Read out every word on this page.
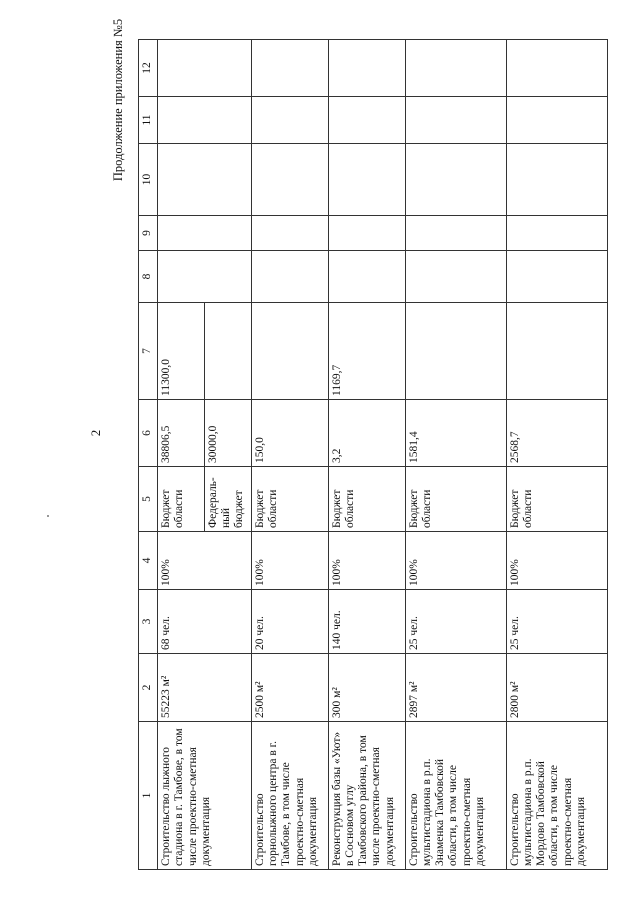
2
Продолжение приложения №5
1	2	3	4	5	6	7	8	9	10	11	12
Строительство лыжного стадиона в г. Тамбове, в том числе проектно-сметная документация	55223 м²	68 чел.	100%	Бюджет области	38806,5	11300,0					
				Федераль-ный бюджет	30000,0						
Строительство горнолыжного центра в г. Тамбове, в том числе проектно-сметная документация	2500 м²	20 чел.	100%	Бюджет области	150,0						
Реконструкция базы «Уют» в Сосновом углу Тамбовского района, в том числе проектно-сметная документация	300 м²	140 чел.	100%	Бюджет области	3,2	1169,7					
Строительство мультистадиона в р.п. Знаменка Тамбовской области, в том числе проектно-сметная документация	2897 м²	25 чел.	100%	Бюджет области	1581,4						
Строительство мультистадиона в р.п. Мордово Тамбовской области, в том числе проектно-сметная документация	2800 м²	25 чел.	100%	Бюджет области	2568,7						
